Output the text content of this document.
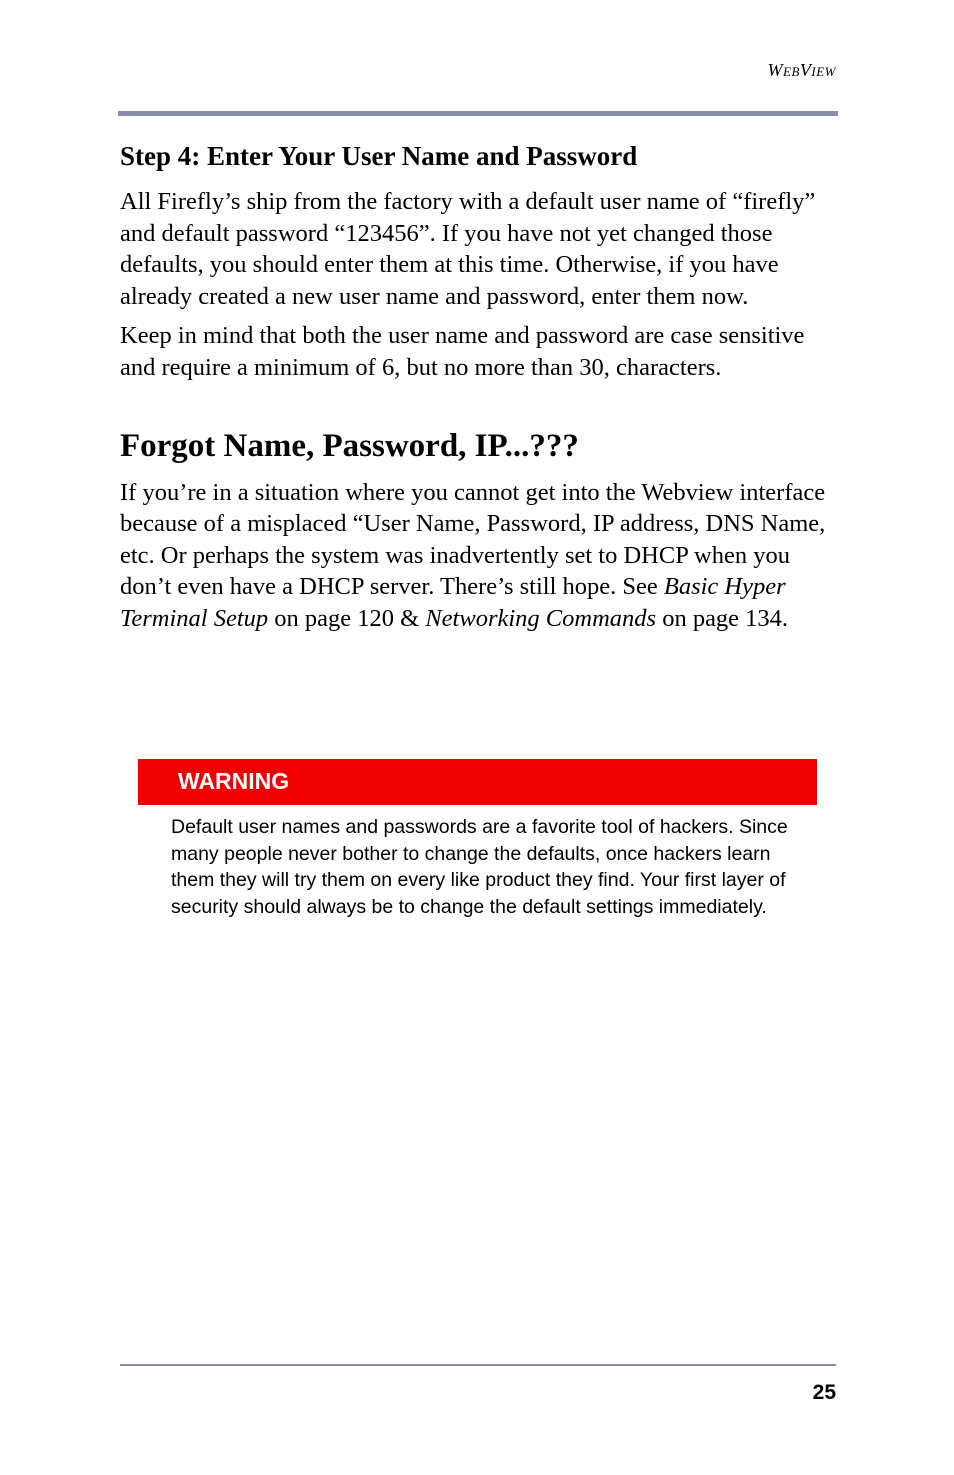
WEBVIEW
Step 4: Enter Your User Name and Password

All Firefly’s ship from the factory with a default user name of “firefly” and default password “123456”. If you have not yet changed those defaults, you should enter them at this time. Otherwise, if you have already created a new user name and password, enter them now.

Keep in mind that both the user name and password are case sensitive and require a minimum of 6, but no more than 30, characters.

Forgot Name, Password, IP...???

If you’re in a situation where you cannot get into the Webview interface because of a misplaced “User Name, Password, IP address, DNS Name, etc. Or perhaps the system was inadvertently set to DHCP when you don’t even have a DHCP server. There’s still hope. See Basic Hyper Terminal Setup on page 120 & Networking Commands on page 134.

WARNING

Default user names and passwords are a favorite tool of hackers. Since many people never bother to change the defaults, once hackers learn them they will try them on every like product they find. Your first layer of security should always be to change the default settings immediately.

25
